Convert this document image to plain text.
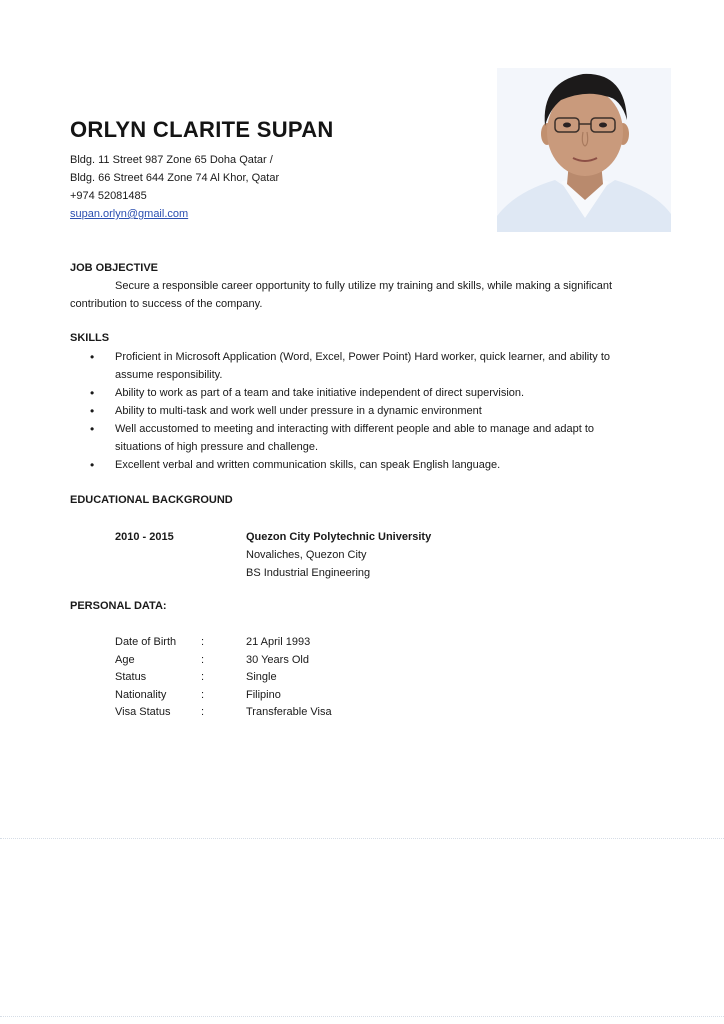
ORLYN CLARITE SUPAN
Bldg. 11 Street 987 Zone 65 Doha Qatar /
Bldg. 66 Street 644 Zone 74 Al Khor, Qatar
+974 52081485
supan.orlyn@gmail.com
JOB OBJECTIVE
Secure a responsible career opportunity to fully utilize my training and skills, while making a significant contribution to success of the company.
SKILLS
• Proficient in Microsoft Application (Word, Excel, Power Point) Hard worker, quick learner, and ability to assume responsibility.
• Ability to work as part of a team and take initiative independent of direct supervision.
• Ability to multi-task and work well under pressure in a dynamic environment
• Well accustomed to meeting and interacting with different people and able to manage and adapt to situations of high pressure and challenge.
• Excellent verbal and written communication skills, can speak English language.
EDUCATIONAL BACKGROUND
2010 - 2015	Quezon City Polytechnic University
Novaliches, Quezon City
BS Industrial Engineering
PERSONAL DATA:
Date of Birth :	21 April 1993
Age	:	30 Years Old
Status	:	Single
Nationality	:	Filipino
Visa Status	:	Transferable Visa
